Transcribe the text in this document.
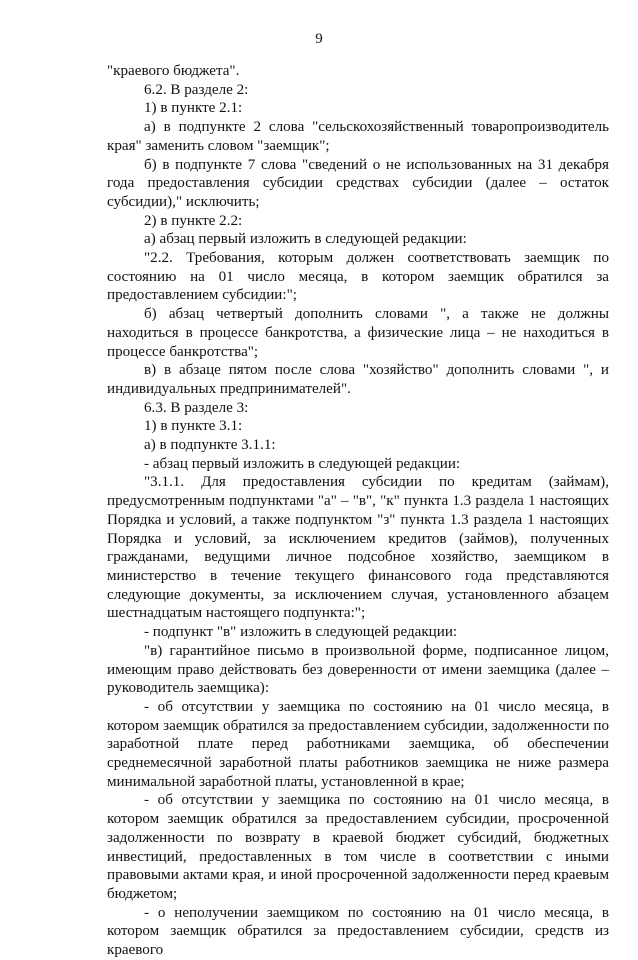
9

"краевого бюджета".

6.2. В разделе 2:

1) в пункте 2.1:

а) в подпункте 2 слова "сельскохозяйственный товаропроизводитель края" заменить словом "заемщик";

б) в подпункте 7 слова "сведений о не использованных на 31 декабря года предоставления субсидии средствах субсидии (далее – остаток субсидии)," исключить;

2) в пункте 2.2:

а) абзац первый изложить в следующей редакции:

"2.2. Требования, которым должен соответствовать заемщик по состоянию на 01 число месяца, в котором заемщик обратился за предоставлением субсидии:";

б) абзац четвертый дополнить словами ", а также не должны находиться в процессе банкротства, а физические лица – не находиться в процессе банкротства";

в) в абзаце пятом после слова "хозяйство" дополнить словами ", и индивидуальных предпринимателей".

6.3. В разделе 3:

1) в пункте 3.1:

а) в подпункте 3.1.1:

- абзац первый изложить в следующей редакции:

"3.1.1. Для предоставления субсидии по кредитам (займам), предусмотренным подпунктами "а" – "в", "к" пункта 1.3 раздела 1 настоящих Порядка и условий, а также подпунктом "з" пункта 1.3 раздела 1 настоящих Порядка и условий, за исключением кредитов (займов), полученных гражданами, ведущими личное подсобное хозяйство, заемщиком в министерство в течение текущего финансового года представляются следующие документы, за исключением случая, установленного абзацем шестнадцатым настоящего подпункта:";

- подпункт "в" изложить в следующей редакции:

"в) гарантийное письмо в произвольной форме, подписанное лицом, имеющим право действовать без доверенности от имени заемщика (далее – руководитель заемщика):

- об отсутствии у заемщика по состоянию на 01 число месяца, в котором заемщик обратился за предоставлением субсидии, задолженности по заработной плате перед работниками заемщика, об обеспечении среднемесячной заработной платы работников заемщика не ниже размера минимальной заработной платы, установленной в крае;

- об отсутствии у заемщика по состоянию на 01 число месяца, в котором заемщик обратился за предоставлением субсидии, просроченной задолженности по возврату в краевой бюджет субсидий, бюджетных инвестиций, предоставленных в том числе в соответствии с иными правовыми актами края, и иной просроченной задолженности перед краевым бюджетом;

- о неполучении заемщиком по состоянию на 01 число месяца, в котором заемщик обратился за предоставлением субсидии, средств из краевого
